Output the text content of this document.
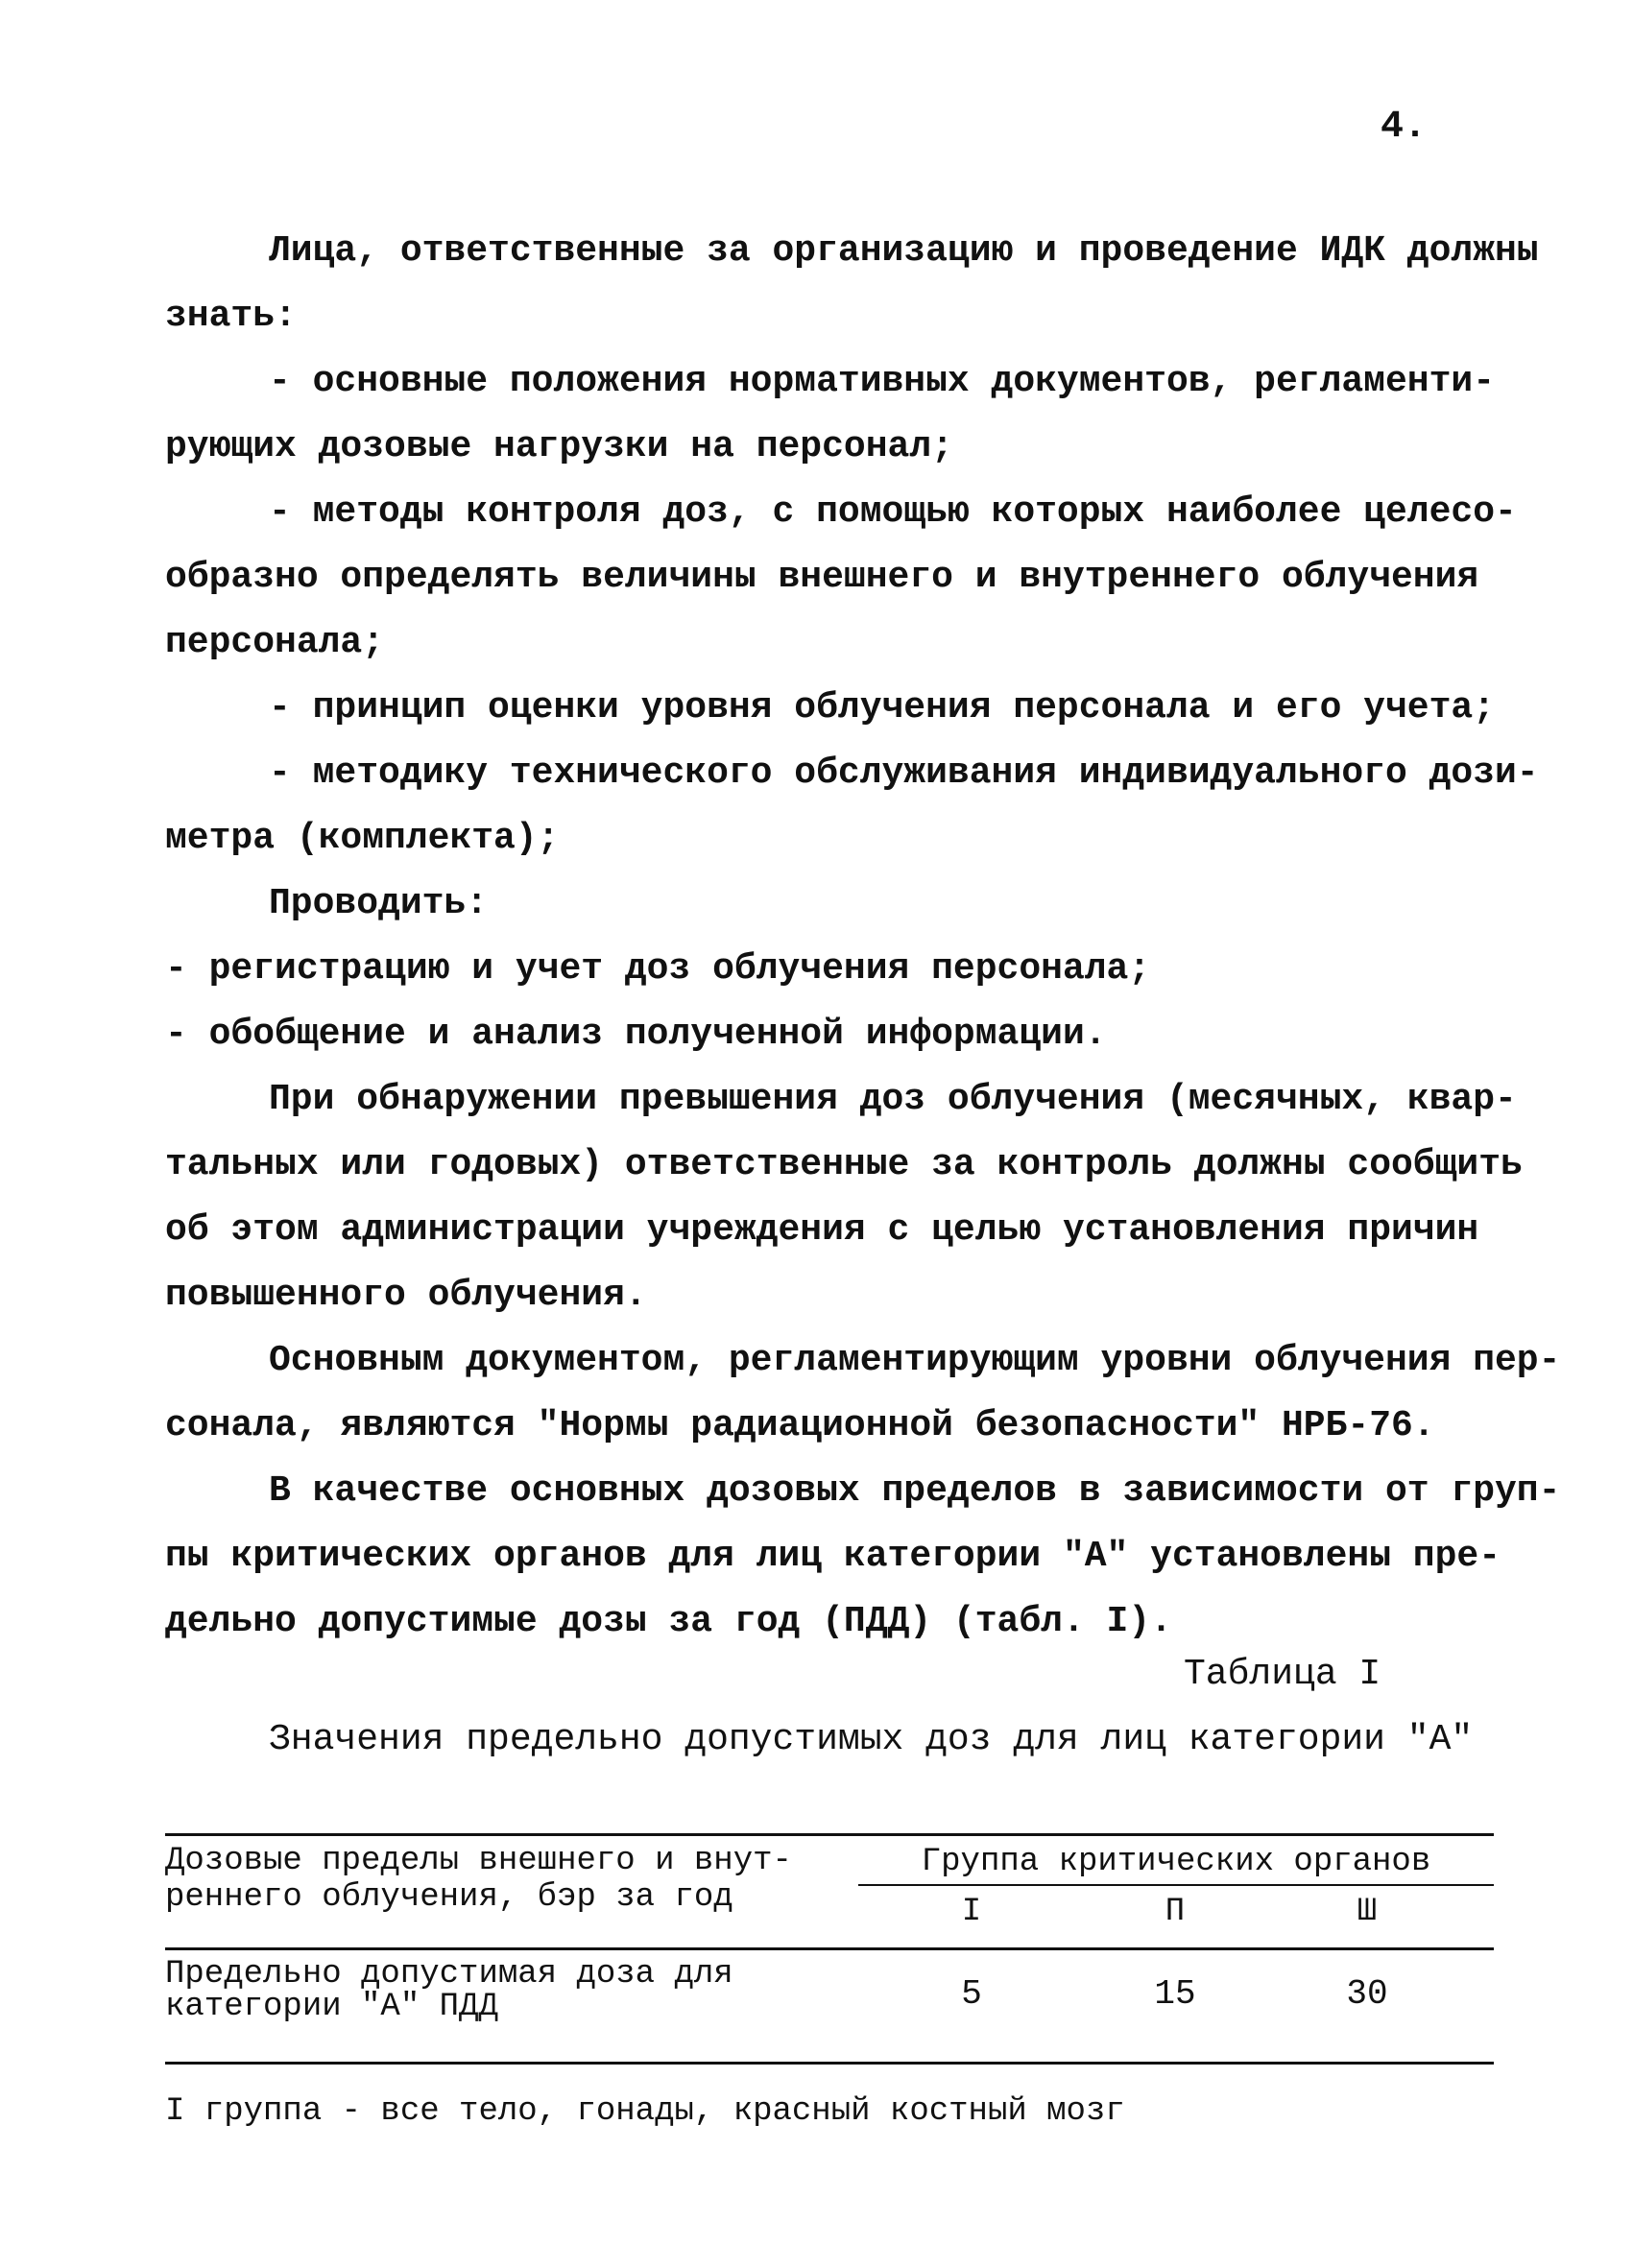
4.
Лица, ответственные за организацию и проведение ИДК должны
знать:
- основные положения нормативных документов, регламенти-
рующих дозовые нагрузки на персонал;
- методы контроля доз, с помощью которых наиболее целесо-
образно определять величины внешнего и внутреннего облучения
персонала;
- принцип оценки уровня облучения персонала и его учета;
- методику технического обслуживания индивидуального дози-
метра (комплекта);
Проводить:
- регистрацию и учет доз облучения персонала;
- обобщение и анализ полученной информации.
При обнаружении превышения доз облучения (месячных, квар-
тальных или годовых) ответственные за контроль должны сообщить
об этом администрации учреждения с целью установления причин
повышенного облучения.
Основным документом, регламентирующим уровни облучения пер-
сонала, являются "Нормы радиационной безопасности" НРБ-76.
В качестве основных дозовых пределов в зависимости от груп-
пы критических органов для лиц категории "А" установлены пре-
дельно допустимые дозы за год (ПДД) (табл. I).
Таблица I
Значения предельно допустимых доз для лиц категории "А"
Дозовые пределы внешнего и внут-
реннего облучения, бэр за год
Группа критических органов
I	П	Ш
Предельно допустимая доза для
категории "А" ПДД	5	15	30
I группа - все тело, гонады, красный костный мозг
